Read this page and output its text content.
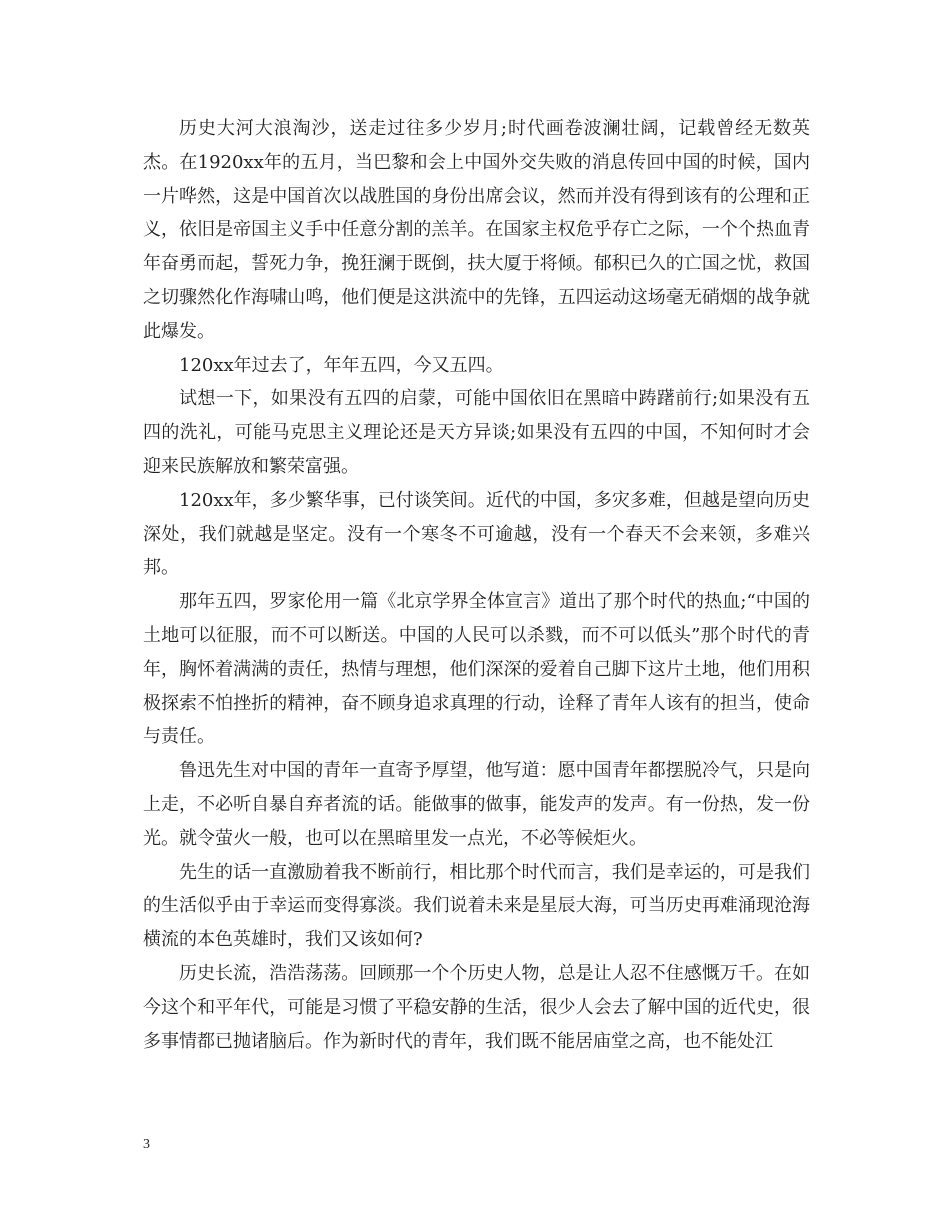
历史大河大浪淘沙，送走过往多少岁月;时代画卷波澜壮阔，记载曾经无数英杰。在1920xx年的五月，当巴黎和会上中国外交失败的消息传回中国的时候，国内一片哗然，这是中国首次以战胜国的身份出席会议，然而并没有得到该有的公理和正义，依旧是帝国主义手中任意分割的羔羊。在国家主权危乎存亡之际，一个个热血青年奋勇而起，誓死力争，挽狂澜于既倒，扶大厦于将倾。郁积已久的亡国之忧，救国之切骤然化作海啸山鸣，他们便是这洪流中的先锋，五四运动这场毫无硝烟的战争就此爆发。

120xx年过去了，年年五四，今又五四。

试想一下，如果没有五四的启蒙，可能中国依旧在黑暗中踌躇前行;如果没有五四的洗礼，可能马克思主义理论还是天方异谈;如果没有五四的中国，不知何时才会迎来民族解放和繁荣富强。

120xx年，多少繁华事，已付谈笑间。近代的中国，多灾多难，但越是望向历史深处，我们就越是坚定。没有一个寒冬不可逾越，没有一个春天不会来领，多难兴邦。

那年五四，罗家伦用一篇《北京学界全体宣言》道出了那个时代的热血;“中国的土地可以征服，而不可以断送。中国的人民可以杀戮，而不可以低头”那个时代的青年，胸怀着满满的责任，热情与理想，他们深深的爱着自己脚下这片土地，他们用积极探索不怕挫折的精神，奋不顾身追求真理的行动，诠释了青年人该有的担当，使命与责任。

鲁迅先生对中国的青年一直寄予厚望，他写道：愿中国青年都摆脱冷气，只是向上走，不必听自暴自弃者流的话。能做事的做事，能发声的发声。有一份热，发一份光。就令萤火一般，也可以在黑暗里发一点光，不必等候炬火。

先生的话一直激励着我不断前行，相比那个时代而言，我们是幸运的，可是我们的生活似乎由于幸运而变得寡淡。我们说着未来是星辰大海，可当历史再难涌现沧海横流的本色英雄时，我们又该如何?

历史长流，浩浩荡荡。回顾那一个个历史人物，总是让人忍不住感慨万千。在如今这个和平年代，可能是习惯了平稳安静的生活，很少人会去了解中国的近代史，很多事情都已抛诸脑后。作为新时代的青年，我们既不能居庙堂之高，也不能处江

3
